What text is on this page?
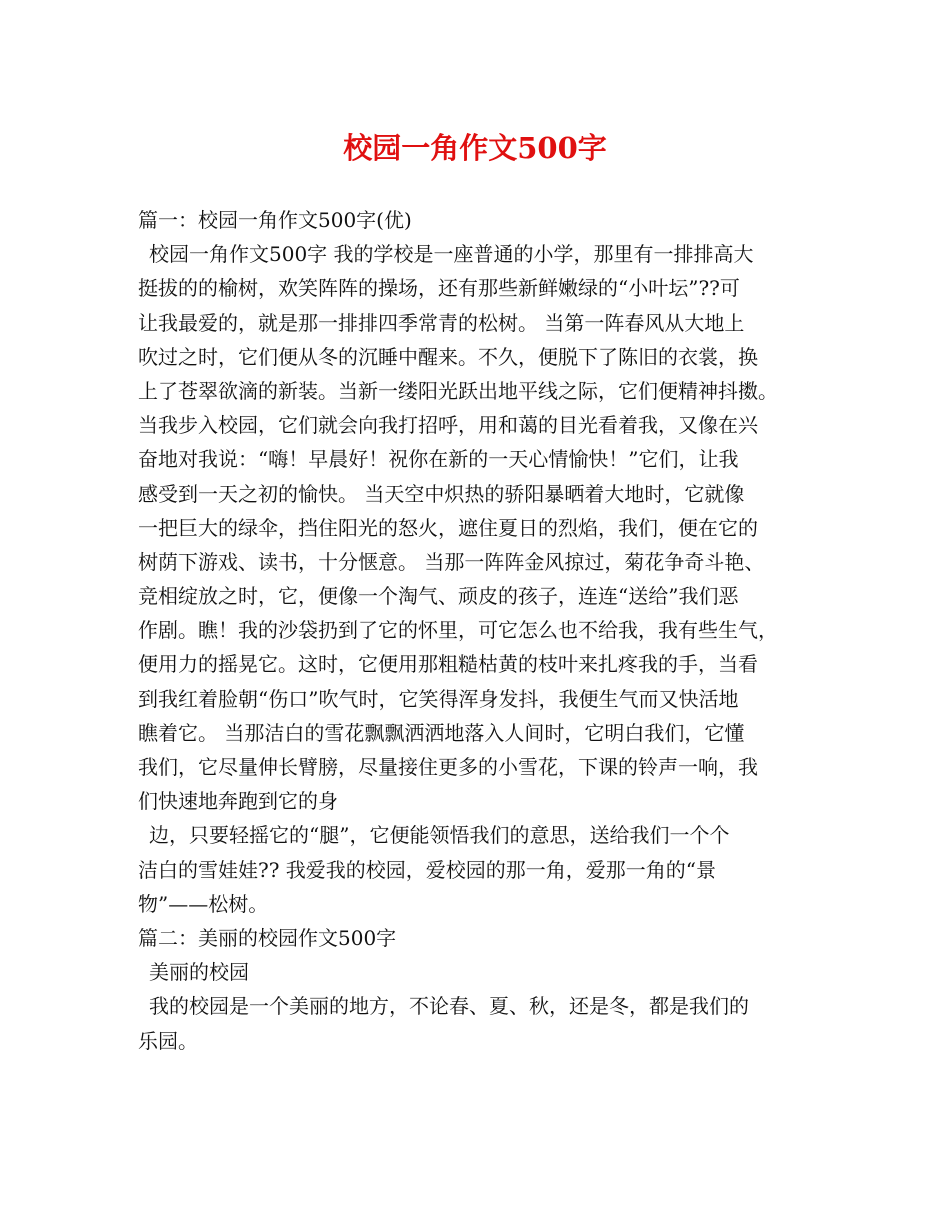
校园一角作文500字
篇一：校园一角作文500字(优)
校园一角作文500字 我的学校是一座普通的小学，那里有一排排高大
挺拔的的榆树，欢笑阵阵的操场，还有那些新鲜嫩绿的“小叶坛”??可
让我最爱的，就是那一排排四季常青的松树。 当第一阵春风从大地上
吹过之时，它们便从冬的沉睡中醒来。不久，便脱下了陈旧的衣裳，换
上了苍翠欲滴的新装。当新一缕阳光跃出地平线之际，它们便精神抖擞。
当我步入校园，它们就会向我打招呼，用和蔼的目光看着我，又像在兴
奋地对我说：“嗨！早晨好！祝你在新的一天心情愉快！”它们，让我
感受到一天之初的愉快。 当天空中炽热的骄阳暴晒着大地时，它就像
一把巨大的绿伞，挡住阳光的怒火，遮住夏日的烈焰，我们，便在它的
树荫下游戏、读书，十分惬意。 当那一阵阵金风掠过，菊花争奇斗艳、
竞相绽放之时，它，便像一个淘气、顽皮的孩子，连连“送给”我们恶
作剧。瞧！我的沙袋扔到了它的怀里，可它怎么也不给我，我有些生气，
便用力的摇晃它。这时，它便用那粗糙枯黄的枝叶来扎疼我的手，当看
到我红着脸朝“伤口”吹气时，它笑得浑身发抖，我便生气而又快活地
瞧着它。 当那洁白的雪花飘飘洒洒地落入人间时，它明白我们，它懂
我们，它尽量伸长臂膀，尽量接住更多的小雪花，下课的铃声一响，我
们快速地奔跑到它的身
边，只要轻摇它的“腿”，它便能领悟我们的意思，送给我们一个个
洁白的雪娃娃?? 我爱我的校园，爱校园的那一角，爱那一角的“景
物”——松树。
篇二：美丽的校园作文500字
美丽的校园
我的校园是一个美丽的地方，不论春、夏、秋，还是冬，都是我们的
乐园。
